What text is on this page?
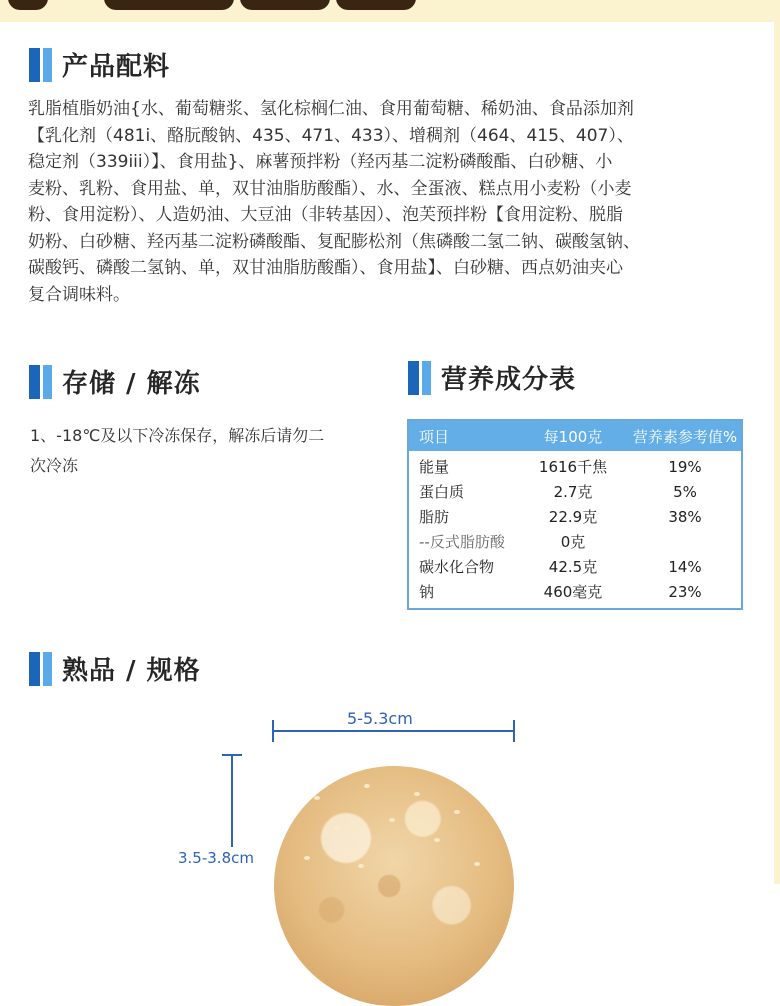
产品配料
乳脂植脂奶油{水、葡萄糖浆、氢化棕榈仁油、食用葡萄糖、稀奶油、食品添加剂
【乳化剂（481i、酪朊酸钠、435、471、433）、增稠剂（464、415、407）、
稳定剂（339iii）】、食用盐}、麻薯预拌粉（羟丙基二淀粉磷酸酯、白砂糖、小
麦粉、乳粉、食用盐、单，双甘油脂肪酸酯）、水、全蛋液、糕点用小麦粉（小麦
粉、食用淀粉）、人造奶油、大豆油（非转基因）、泡芙预拌粉【食用淀粉、脱脂
奶粉、白砂糖、羟丙基二淀粉磷酸酯、复配膨松剂（焦磷酸二氢二钠、碳酸氢钠、
碳酸钙、磷酸二氢钠、单，双甘油脂肪酸酯）、食用盐】、白砂糖、西点奶油夹心
复合调味料。
存储 / 解冻
1、-18℃及以下冷冻保存，解冻后请勿二
次冷冻
营养成分表
项目	每100克	营养素参考值%
能量	1616千焦	19%
蛋白质	2.7克	5%
脂肪	22.9克	38%
--反式脂肪酸	0克
碳水化合物	42.5克	14%
钠	460毫克	23%
熟品 / 规格
5-5.3cm
3.5-3.8cm
